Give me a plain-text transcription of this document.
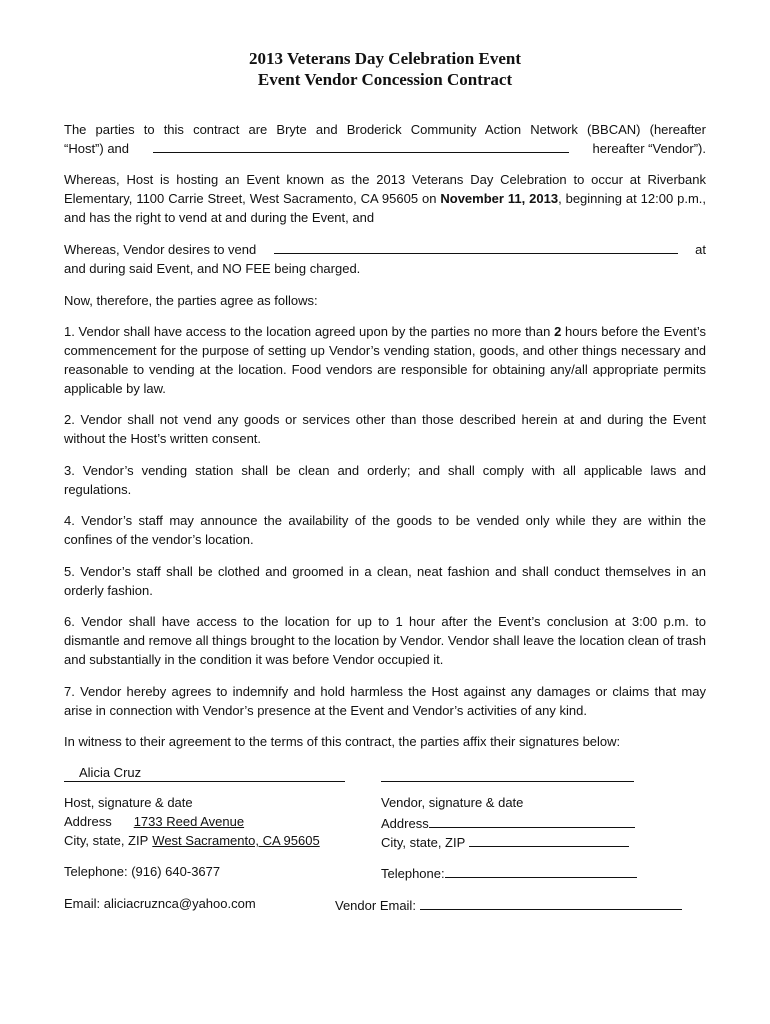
2013 Veterans Day Celebration Event
Event Vendor Concession Contract
The parties to this contract are Bryte and Broderick Community Action Network (BBCAN) (hereafter
“Host”) and	hereafter “Vendor”).

Whereas, Host is hosting an Event known as the 2013 Veterans Day Celebration to occur at Riverbank Elementary, 1100 Carrie Street, West Sacramento, CA 95605 on November 11, 2013, beginning at 12:00 p.m., and has the right to vend at and during the Event, and

Whereas, Vendor desires to vend	at
and during said Event, and NO FEE being charged.

Now, therefore, the parties agree as follows:

1. Vendor shall have access to the location agreed upon by the parties no more than 2 hours before the Event’s commencement for the purpose of setting up Vendor’s vending station, goods, and other things necessary and reasonable to vending at the location. Food vendors are responsible for obtaining any/all appropriate permits applicable by law.

2. Vendor shall not vend any goods or services other than those described herein at and during the Event without the Host’s written consent.

3. Vendor’s vending station shall be clean and orderly; and shall comply with all applicable laws and regulations.

4. Vendor’s staff may announce the availability of the goods to be vended only while they are within the confines of the vendor’s location.

5. Vendor’s staff shall be clothed and groomed in a clean, neat fashion and shall conduct themselves in an orderly fashion.

6. Vendor shall have access to the location for up to 1 hour after the Event’s conclusion at 3:00 p.m. to dismantle and remove all things brought to the location by Vendor. Vendor shall leave the location clean of trash and substantially in the condition it was before Vendor occupied it.

7. Vendor hereby agrees to indemnify and hold harmless the Host against any damages or claims that may arise in connection with Vendor’s presence at the Event and Vendor’s activities of any kind.

In witness to their agreement to the terms of this contract, the parties affix their signatures below:

Alicia Cruz
Host, signature & date
Address 1733 Reed Avenue
City, state, ZIP West Sacramento, CA 95605
Telephone: (916) 640-3677
Email: aliciacruznca@yahoo.com
Vendor, signature & date
Address
City, state, ZIP
Telephone:
Vendor Email:
